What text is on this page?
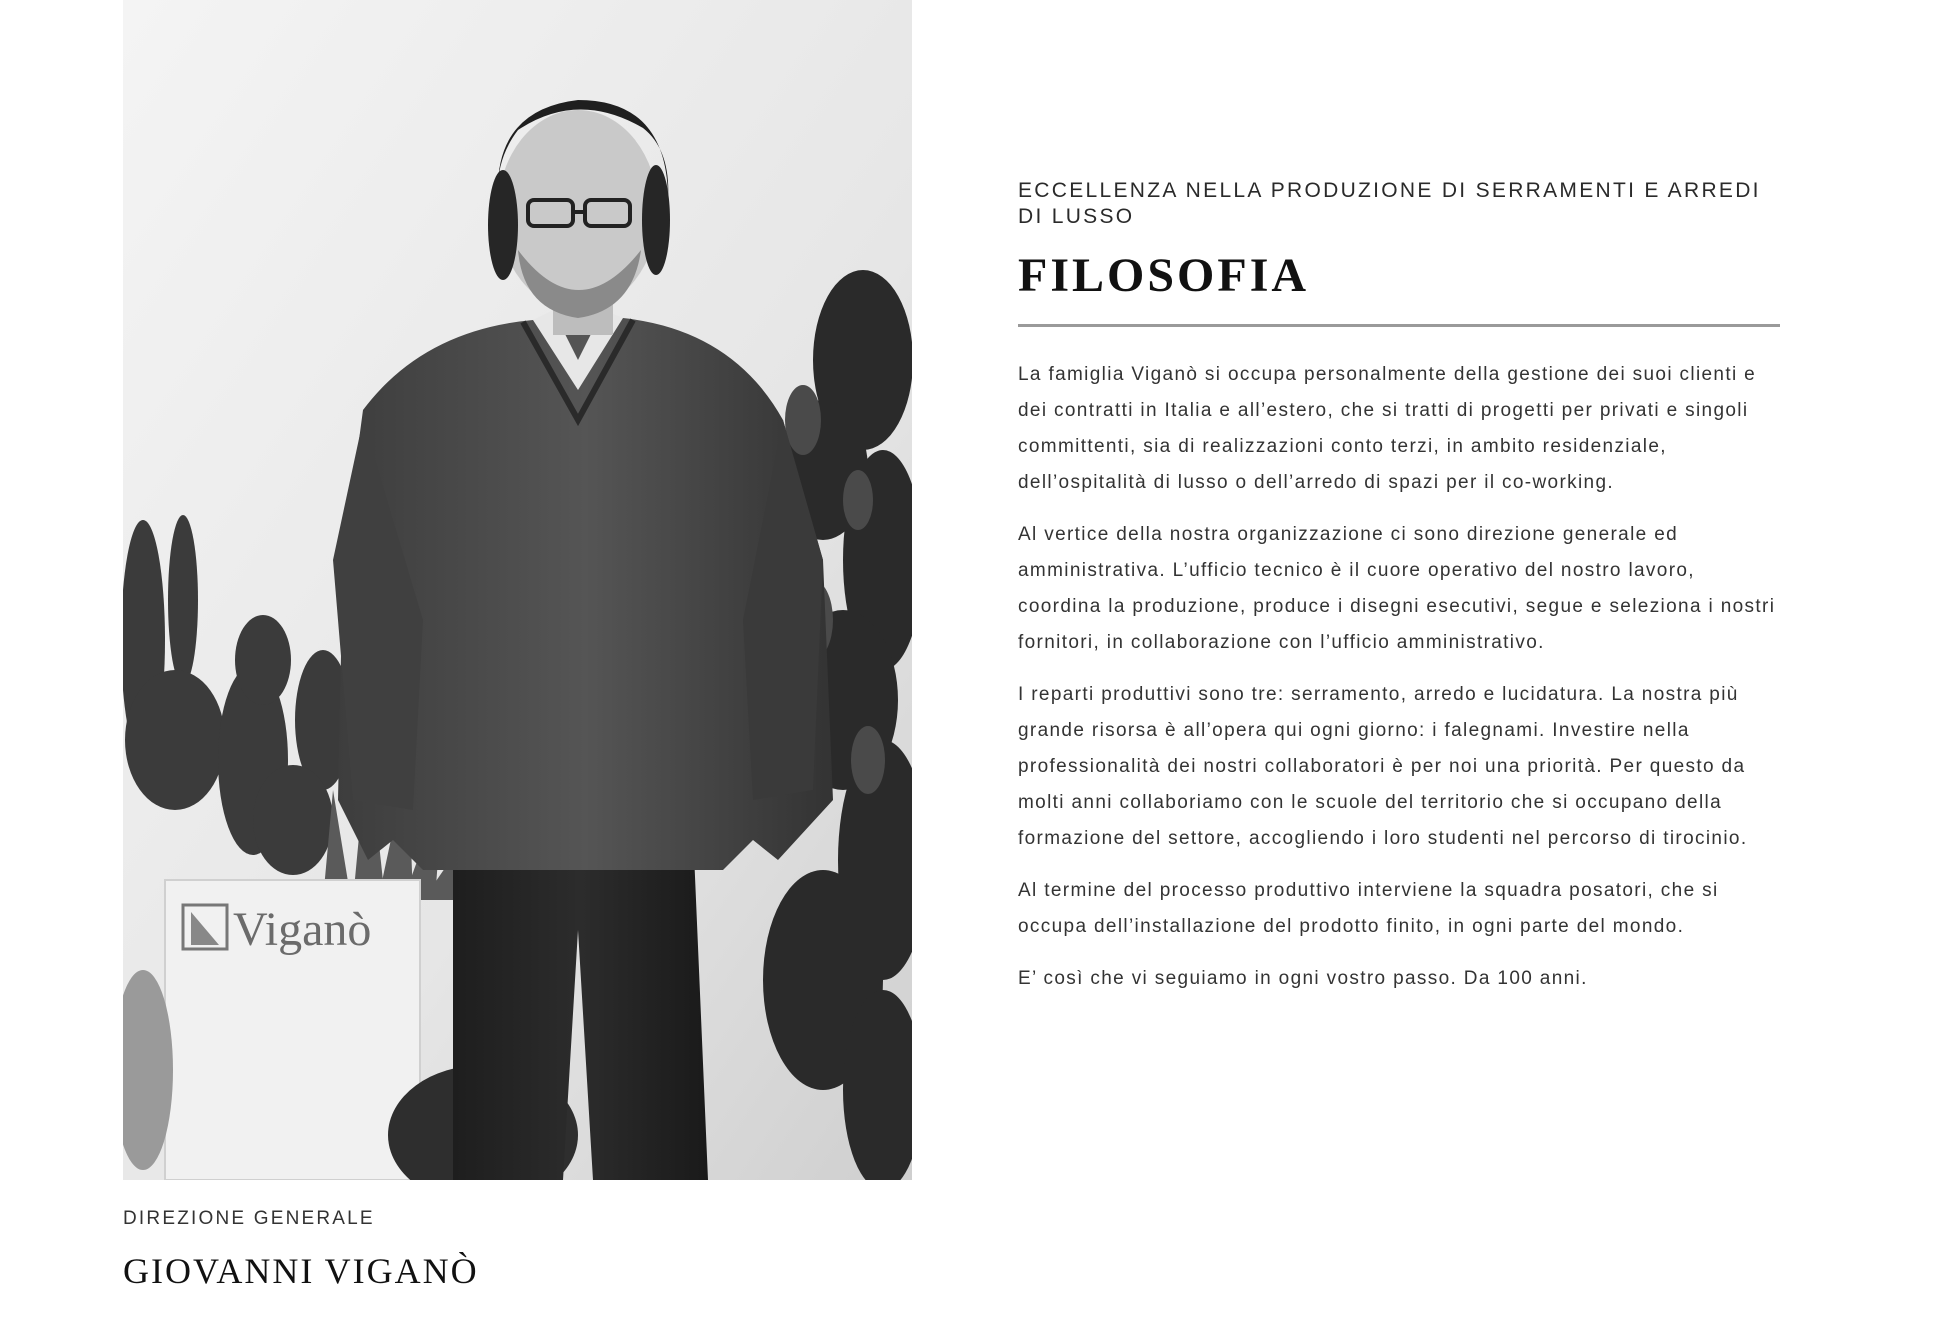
Viganò

DIREZIONE GENERALE

GIOVANNI VIGANÒ

ECCELLENZA NELLA PRODUZIONE DI SERRAMENTI E ARREDI DI LUSSO

FILOSOFIA

La famiglia Viganò si occupa personalmente della gestione dei suoi clienti e dei contratti in Italia e all’estero, che si tratti di progetti per privati e singoli committenti, sia di realizzazioni conto terzi, in ambito residenziale, dell’ospitalità di lusso o dell’arredo di spazi per il co-working.

Al vertice della nostra organizzazione ci sono direzione generale ed amministrativa. L’ufficio tecnico è il cuore operativo del nostro lavoro, coordina la produzione, produce i disegni esecutivi, segue e seleziona i nostri fornitori, in collaborazione con l’ufficio amministrativo.

I reparti produttivi sono tre: serramento, arredo e lucidatura. La nostra più grande risorsa è all’opera qui ogni giorno: i falegnami. Investire nella professionalità dei nostri collaboratori è per noi una priorità. Per questo da molti anni collaboriamo con le scuole del territorio che si occupano della formazione del settore, accogliendo i loro studenti nel percorso di tirocinio.

Al termine del processo produttivo interviene la squadra posatori, che si occupa dell’installazione del prodotto finito, in ogni parte del mondo.

E’ così che vi seguiamo in ogni vostro passo. Da 100 anni.
